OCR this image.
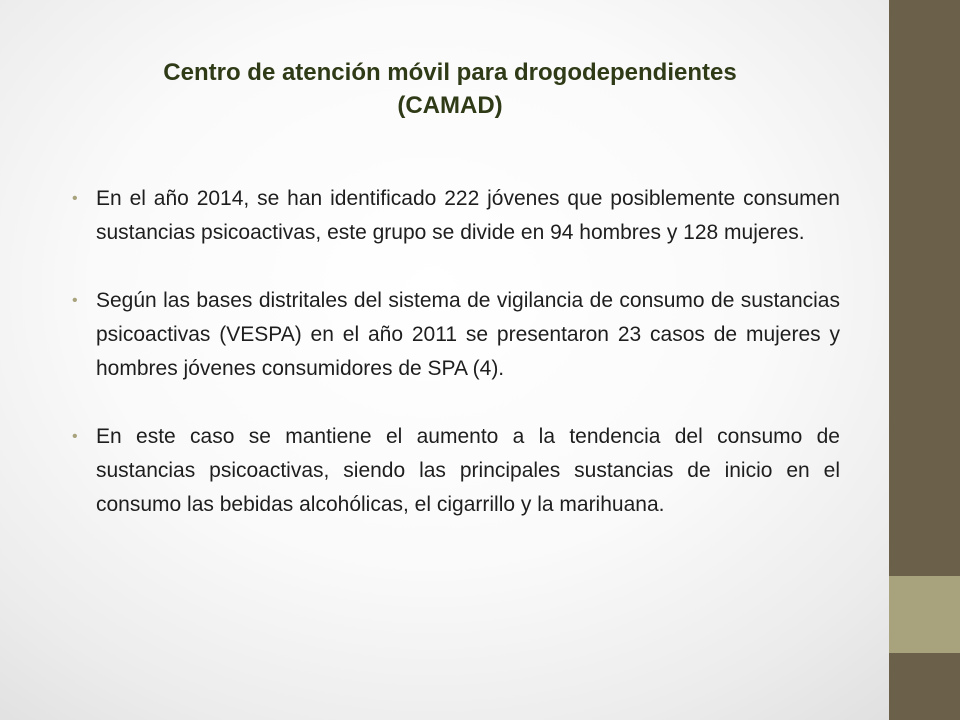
Centro de atención móvil para drogodependientes
(CAMAD)
• En el año 2014, se han identificado 222 jóvenes que posiblemente consumen sustancias psicoactivas, este grupo se divide en 94 hombres y 128 mujeres.
• Según las bases distritales del sistema de vigilancia de consumo de sustancias psicoactivas (VESPA) en el año 2011 se presentaron 23 casos de mujeres y hombres jóvenes consumidores de SPA (4).
• En este caso se mantiene el aumento a la tendencia del consumo de sustancias psicoactivas, siendo las principales sustancias de inicio en el consumo las bebidas alcohólicas, el cigarrillo y la marihuana.
